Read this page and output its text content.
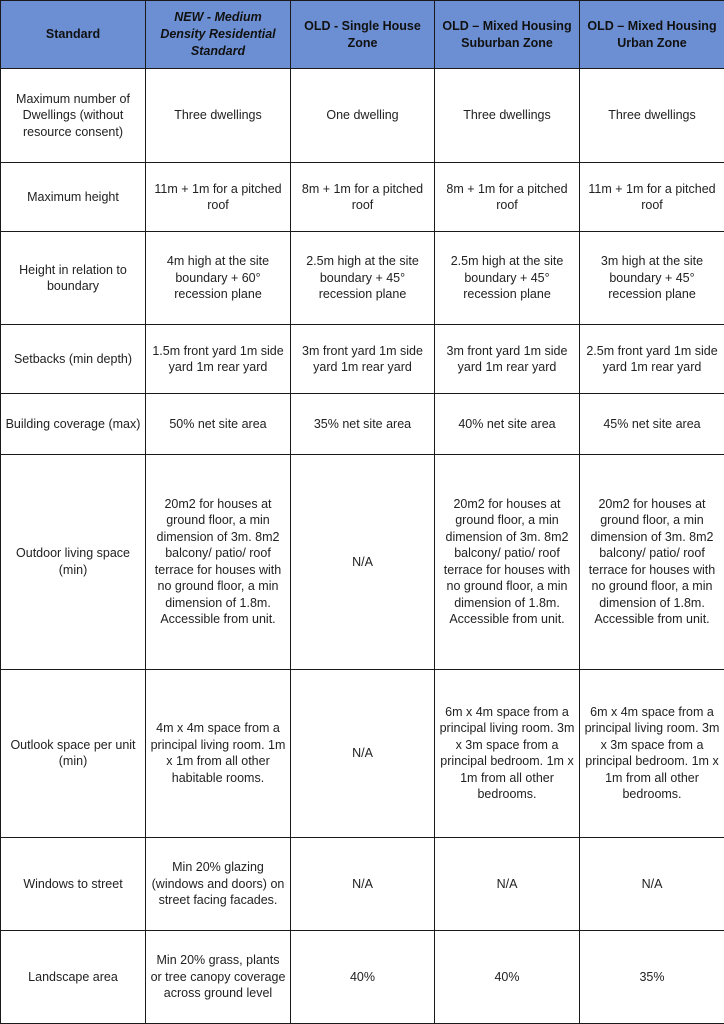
Standard	NEW - Medium Density Residential Standard	OLD - Single House Zone	OLD – Mixed Housing Suburban Zone	OLD – Mixed Housing Urban Zone
Maximum number of Dwellings (without resource consent)	Three dwellings	One dwelling	Three dwellings	Three dwellings
Maximum height	11m + 1m for a pitched roof	8m + 1m for a pitched roof	8m + 1m for a pitched roof	11m + 1m for a pitched roof
Height in relation to boundary	4m high at the site boundary + 60° recession plane	2.5m high at the site boundary + 45° recession plane	2.5m high at the site boundary + 45° recession plane	3m high at the site boundary + 45° recession plane
Setbacks (min depth)	1.5m front yard 1m side yard 1m rear yard	3m front yard 1m side yard 1m rear yard	3m front yard 1m side yard 1m rear yard	2.5m front yard 1m side yard 1m rear yard
Building coverage (max)	50% net site area	35% net site area	40% net site area	45% net site area
Outdoor living space (min)	20m2 for houses at ground floor, a min dimension of 3m. 8m2 balcony/ patio/ roof terrace for houses with no ground floor, a min dimension of 1.8m. Accessible from unit.	N/A	20m2 for houses at ground floor, a min dimension of 3m. 8m2 balcony/ patio/ roof terrace for houses with no ground floor, a min dimension of 1.8m. Accessible from unit.	20m2 for houses at ground floor, a min dimension of 3m. 8m2 balcony/ patio/ roof terrace for houses with no ground floor, a min dimension of 1.8m. Accessible from unit.
Outlook space per unit (min)	4m x 4m space from a principal living room. 1m x 1m from all other habitable rooms.	N/A	6m x 4m space from a principal living room. 3m x 3m space from a principal bedroom. 1m x 1m from all other bedrooms.	6m x 4m space from a principal living room. 3m x 3m space from a principal bedroom. 1m x 1m from all other bedrooms.
Windows to street	Min 20% glazing (windows and doors) on street facing facades.	N/A	N/A	N/A
Landscape area	Min 20% grass, plants or tree canopy coverage across ground level	40%	40%	35%
